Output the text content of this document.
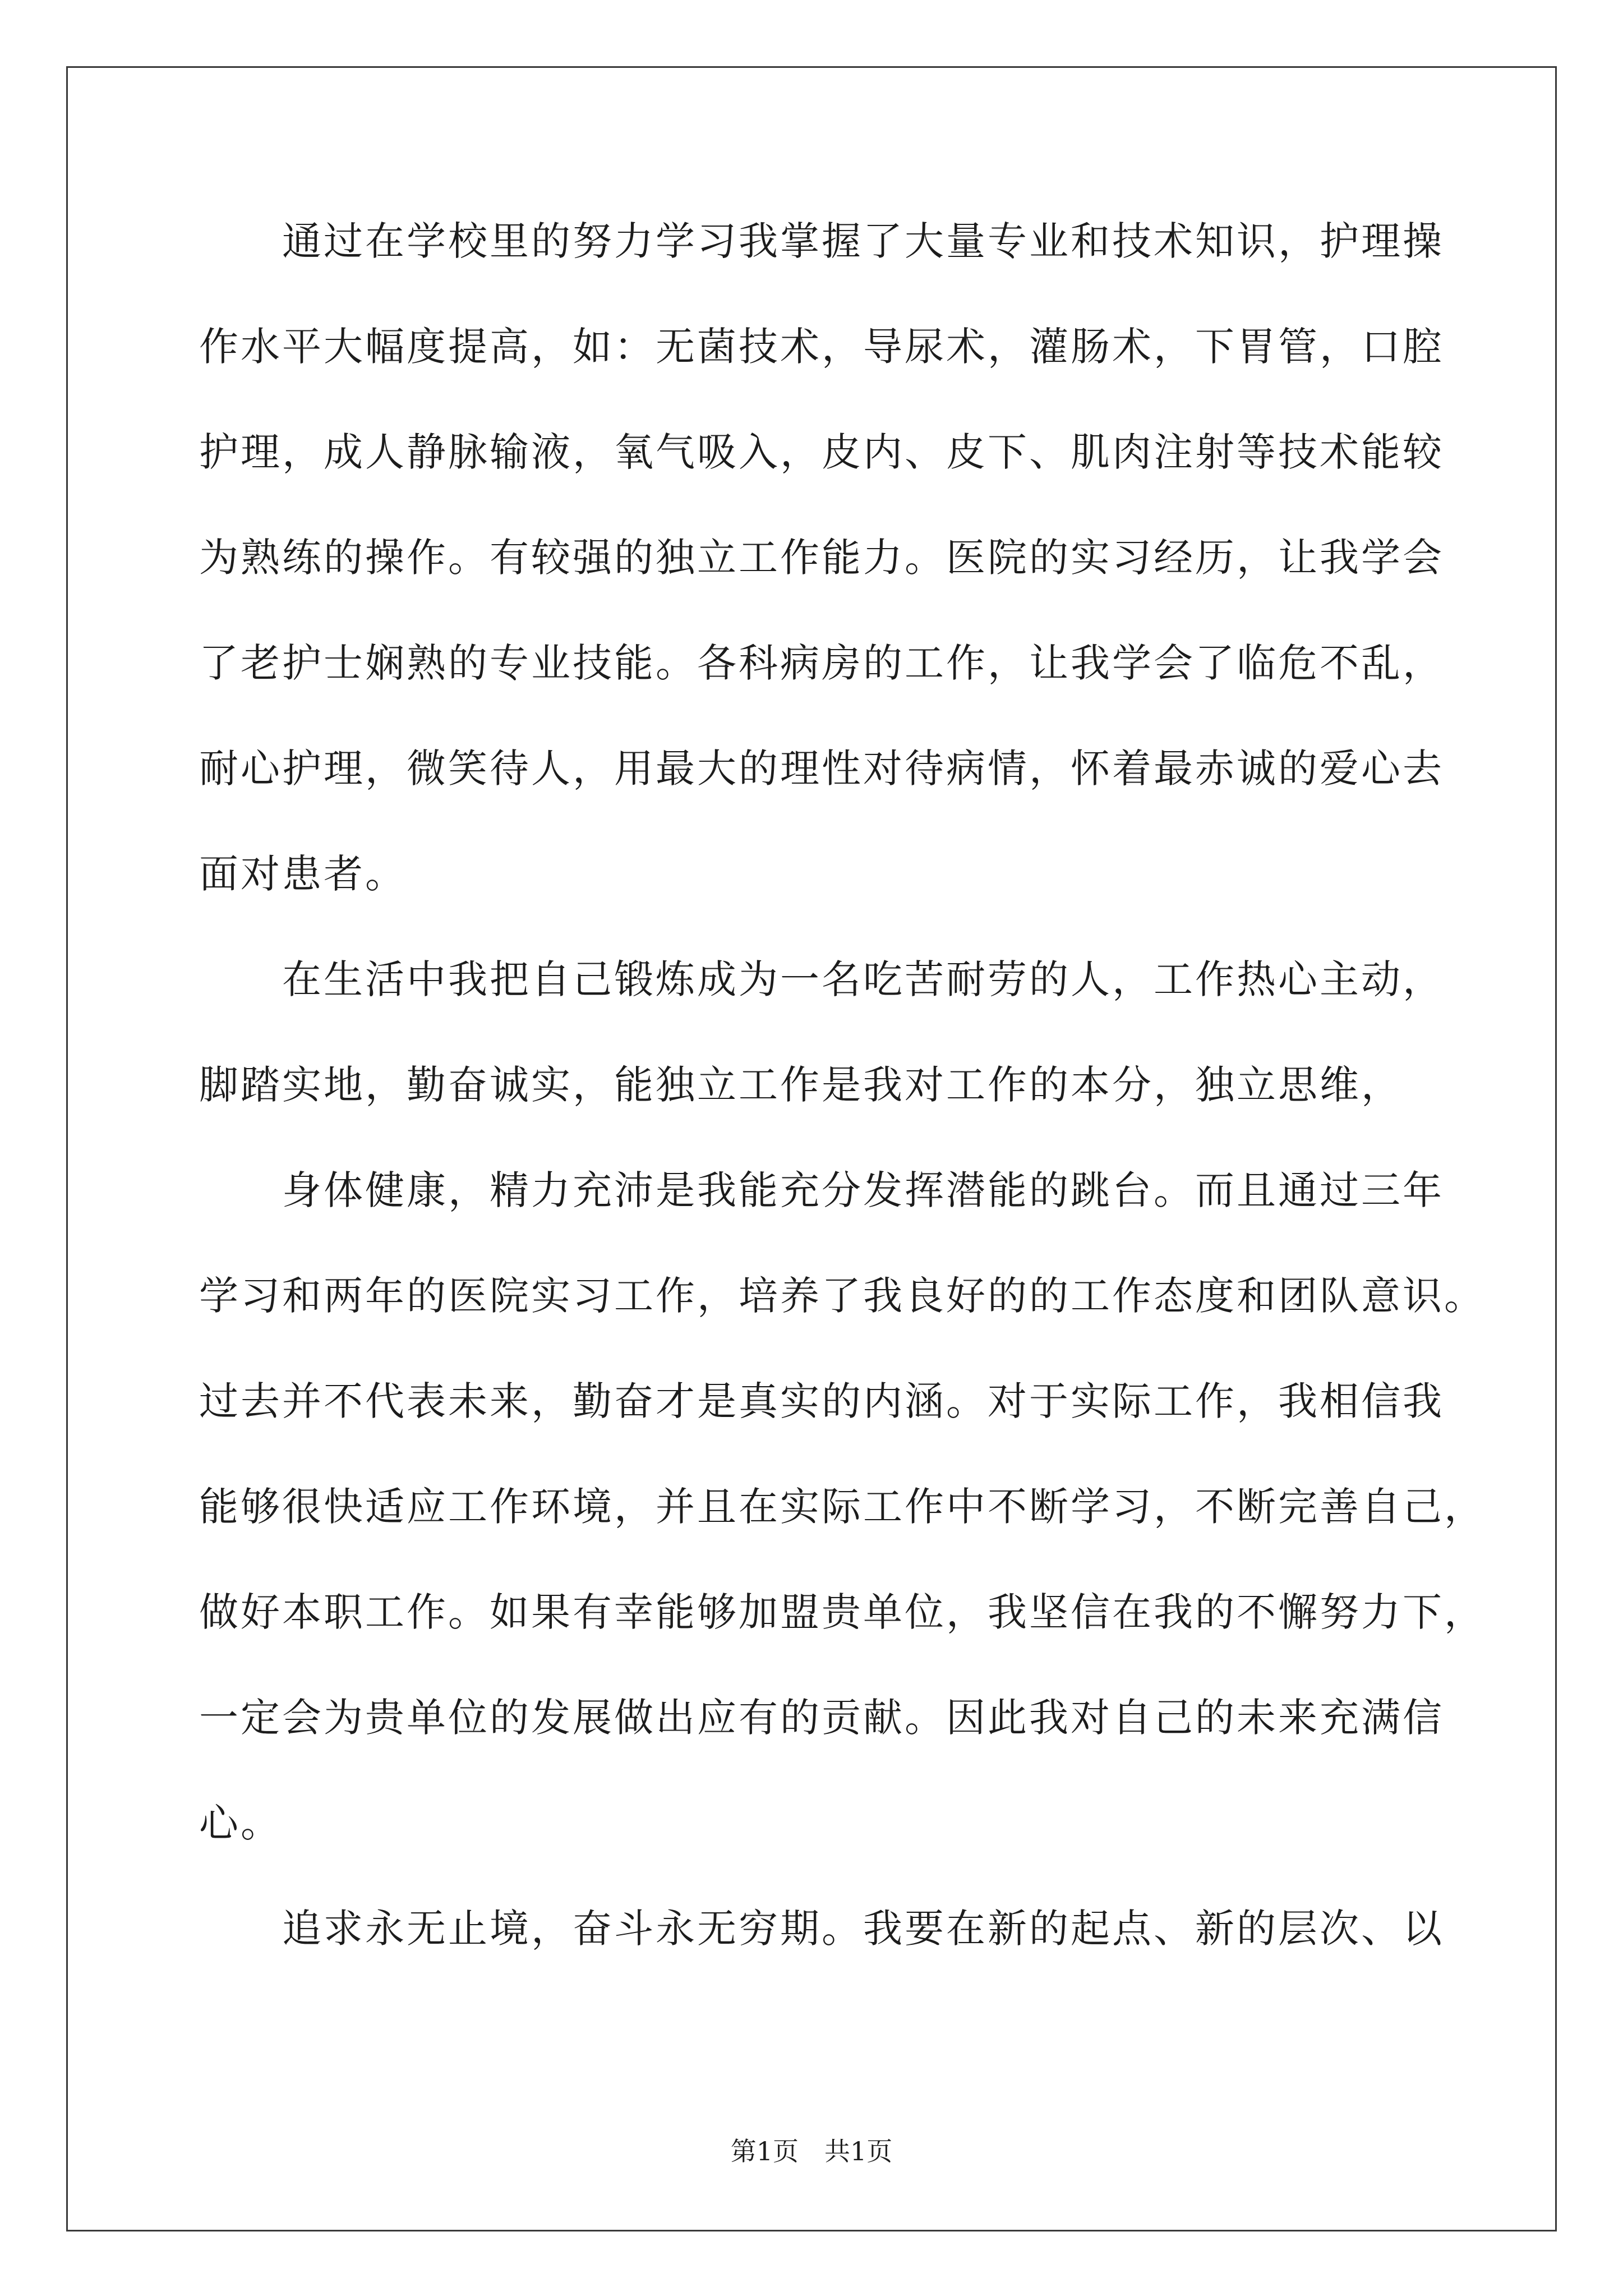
　　通过在学校里的努力学习我掌握了大量专业和技术知识，护理操
作水平大幅度提高，如：无菌技术，导尿术，灌肠术，下胃管，口腔
护理，成人静脉输液，氧气吸入，皮内、皮下、肌肉注射等技术能较
为熟练的操作。有较强的独立工作能力。医院的实习经历，让我学会
了老护士娴熟的专业技能。各科病房的工作，让我学会了临危不乱，
耐心护理，微笑待人，用最大的理性对待病情，怀着最赤诚的爱心去
面对患者。
　　在生活中我把自己锻炼成为一名吃苦耐劳的人，工作热心主动，
脚踏实地，勤奋诚实，能独立工作是我对工作的本分，独立思维，
　　身体健康，精力充沛是我能充分发挥潜能的跳台。而且通过三年
学习和两年的医院实习工作，培养了我良好的的工作态度和团队意识。
过去并不代表未来，勤奋才是真实的内涵。对于实际工作，我相信我
能够很快适应工作环境，并且在实际工作中不断学习，不断完善自己，
做好本职工作。如果有幸能够加盟贵单位，我坚信在我的不懈努力下，
一定会为贵单位的发展做出应有的贡献。因此我对自己的未来充满信
心。
　　追求永无止境，奋斗永无穷期。我要在新的起点、新的层次、以
第1页　共1页
